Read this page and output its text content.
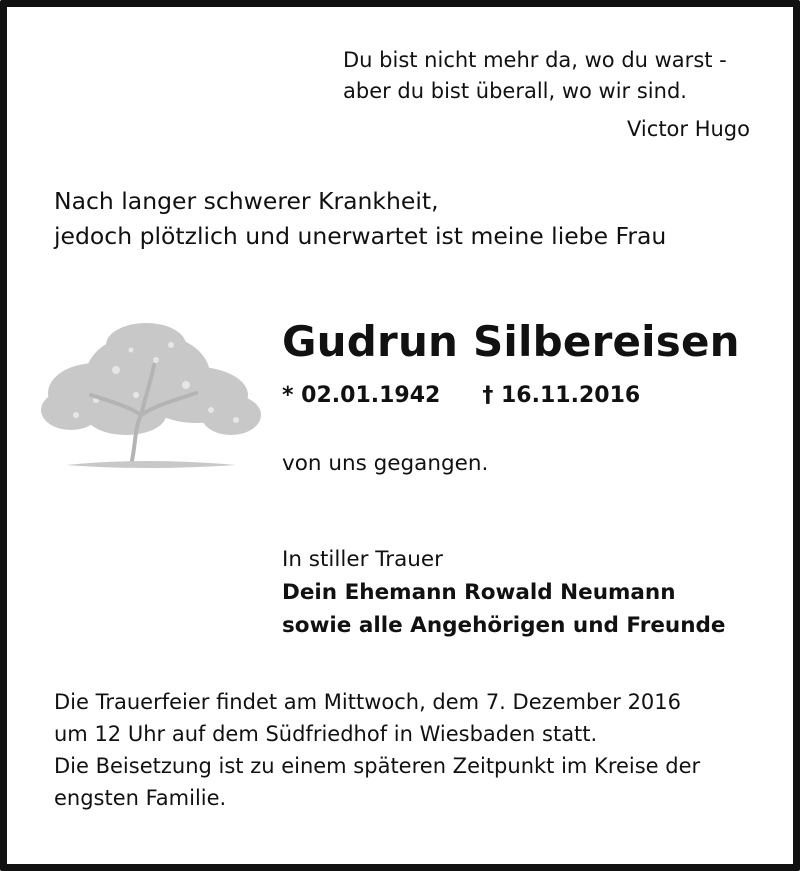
Du bist nicht mehr da, wo du warst -
aber du bist überall, wo wir sind.
Victor Hugo
Nach langer schwerer Krankheit,
jedoch plötzlich und unerwartet ist meine liebe Frau
Gudrun Silbereisen
* 02.01.1942 † 16.11.2016
von uns gegangen.
In stiller Trauer
Dein Ehemann Rowald Neumann
sowie alle Angehörigen und Freunde
Die Trauerfeier findet am Mittwoch, dem 7. Dezember 2016
um 12 Uhr auf dem Südfriedhof in Wiesbaden statt.
Die Beisetzung ist zu einem späteren Zeitpunkt im Kreise der
engsten Familie.
